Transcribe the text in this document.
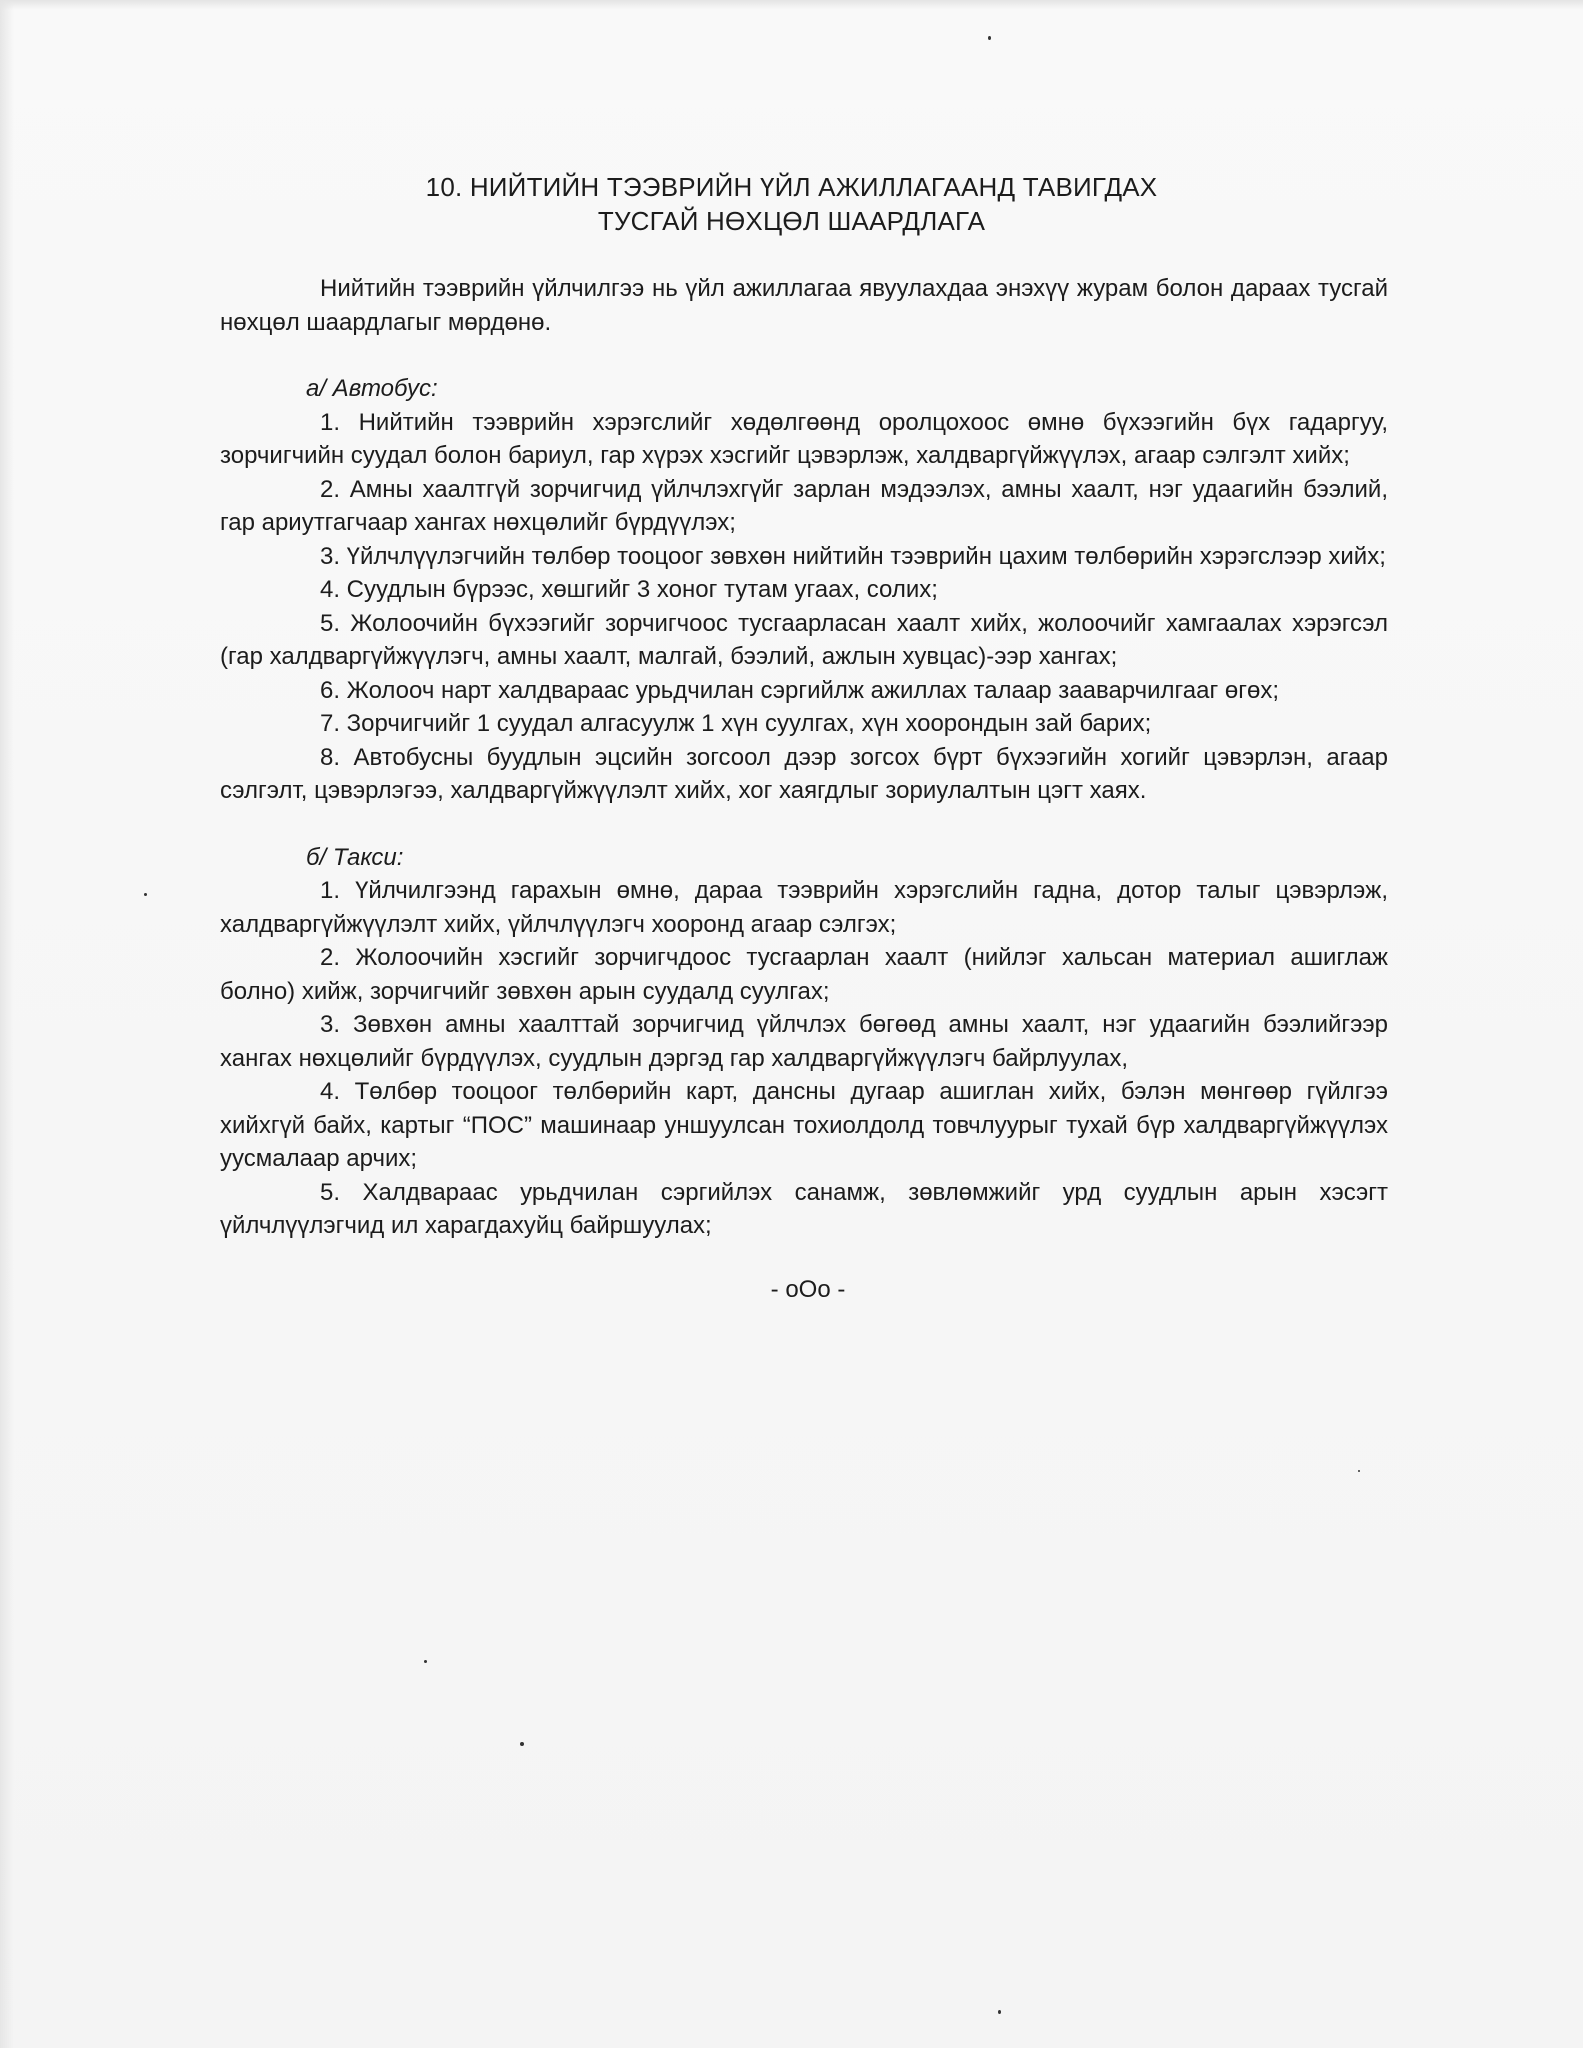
10. НИЙТИЙН ТЭЭВРИЙН ҮЙЛ АЖИЛЛАГААНД ТАВИГДАХ
ТУСГАЙ НӨХЦӨЛ ШААРДЛАГА

Нийтийн тээврийн үйлчилгээ нь үйл ажиллагаа явуулахдаа энэхүү журам болон дараах тусгай нөхцөл шаардлагыг мөрдөнө.

а/ Автобус:

1. Нийтийн тээврийн хэрэгслийг хөдөлгөөнд оролцохоос өмнө бүхээгийн бүх гадаргуу, зорчигчийн суудал болон бариул, гар хүрэх хэсгийг цэвэрлэж, халдваргүйжүүлэх, агаар сэлгэлт хийх;

2. Амны хаалтгүй зорчигчид үйлчлэхгүйг зарлан мэдээлэх, амны хаалт, нэг удаагийн бээлий, гар ариутгагчаар хангах нөхцөлийг бүрдүүлэх;

3. Үйлчлүүлэгчийн төлбөр тооцоог зөвхөн нийтийн тээврийн цахим төлбөрийн хэрэгслээр хийх;

4. Суудлын бүрээс, хөшгийг 3 хоног тутам угаах, солих;

5. Жолоочийн бүхээгийг зорчигчоос тусгаарласан хаалт хийх, жолоочийг хамгаалах хэрэгсэл (гар халдваргүйжүүлэгч, амны хаалт, малгай, бээлий, ажлын хувцас)-ээр хангах;

6. Жолооч нарт халдвараас урьдчилан сэргийлж ажиллах талаар зааварчилгааг өгөх;

7. Зорчигчийг 1 суудал алгасуулж 1 хүн суулгах, хүн хоорондын зай барих;

8. Автобусны буудлын эцсийн зогсоол дээр зогсох бүрт бүхээгийн хогийг цэвэрлэн, агаар сэлгэлт, цэвэрлэгээ, халдваргүйжүүлэлт хийх, хог хаягдлыг зориулалтын цэгт хаях.

б/ Такси:

1. Үйлчилгээнд гарахын өмнө, дараа тээврийн хэрэгслийн гадна, дотор талыг цэвэрлэж, халдваргүйжүүлэлт хийх, үйлчлүүлэгч хооронд агаар сэлгэх;

2. Жолоочийн хэсгийг зорчигчдоос тусгаарлан хаалт (нийлэг хальсан материал ашиглаж болно) хийж, зорчигчийг зөвхөн арын суудалд суулгах;

3. Зөвхөн амны хаалттай зорчигчид үйлчлэх бөгөөд амны хаалт, нэг удаагийн бээлийгээр хангах нөхцөлийг бүрдүүлэх, суудлын дэргэд гар халдваргүйжүүлэгч байрлуулах,

4. Төлбөр тооцоог төлбөрийн карт, дансны дугаар ашиглан хийх, бэлэн мөнгөөр гүйлгээ хийхгүй байх, картыг “ПОС” машинаар уншуулсан тохиолдолд товчлуурыг тухай бүр халдваргүйжүүлэх уусмалаар арчих;

5. Халдвараас урьдчилан сэргийлэх санамж, зөвлөмжийг урд суудлын арын хэсэгт үйлчлүүлэгчид ил харагдахуйц байршуулах;

- oOo -
